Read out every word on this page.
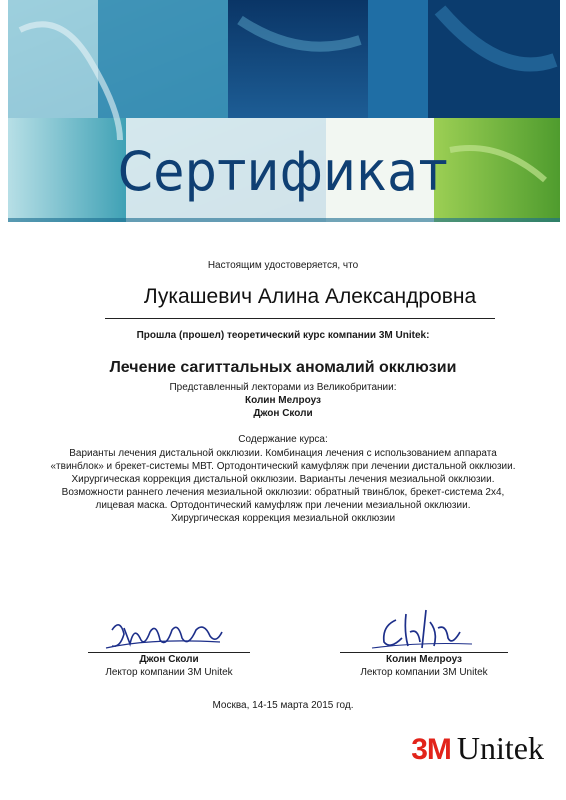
Сертификат
Настоящим удостоверяется, что
Лукашевич Алина Александровна
Прошла (прошел) теоретический курс компании 3M Unitek:
Лечение сагиттальных аномалий окклюзии
Представленный лекторами из Великобритании:
Колин Мелроуз
Джон Сколи
Содержание курса:
Варианты лечения дистальной окклюзии. Комбинация лечения с использованием аппарата
«твинблок» и брекет-системы МВТ. Ортодонтический камуфляж при лечении дистальной окклюзии.
Хирургическая коррекция дистальной окклюзии. Варианты лечения мезиальной окклюзии.
Возможности раннего лечения мезиальной окклюзии: обратный твинблок, брекет-система 2x4,
лицевая маска. Ортодонтический камуфляж при лечении мезиальной окклюзии.
Хирургическая коррекция мезиальной окклюзии
Джон Сколи
Лектор компании 3M Unitek
Колин Мелроуз
Лектор компании 3M Unitek
Москва, 14-15 марта 2015 год.
3M Unitek
